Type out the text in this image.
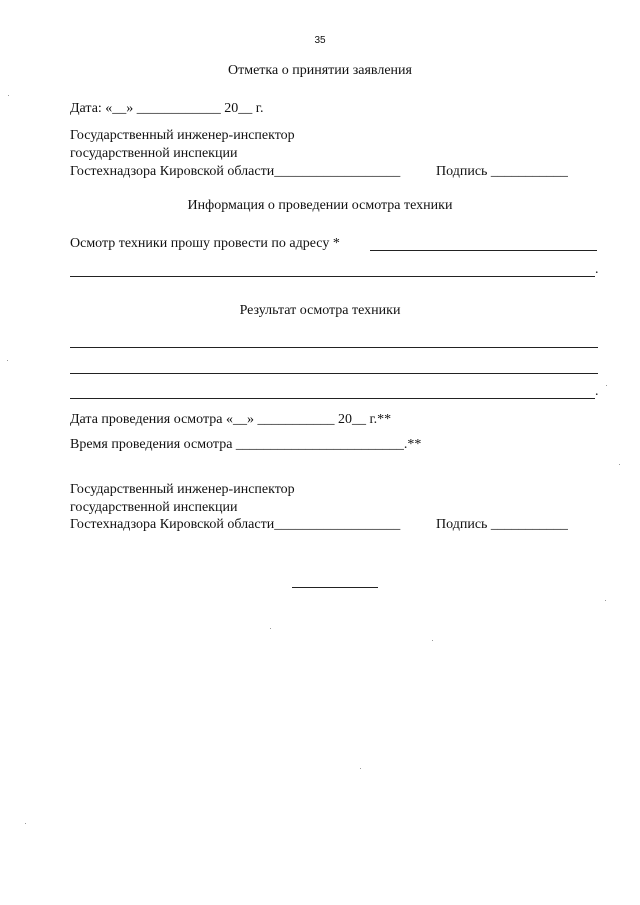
35
Отметка о принятии заявления
Дата: «__» ____________ 20__ г.
Государственный инженер-инспектор
государственной инспекции
Гостехнадзора Кировской области__________________	Подпись ___________
Информация о проведении осмотра техники
Осмотр техники прошу провести по адресу *
.
Результат осмотра техники
.
Дата проведения осмотра «__» ___________ 20__ г.**
Время проведения осмотра ________________________.**
Государственный инженер-инспектор
государственной инспекции
Гостехнадзора Кировской области__________________	Подпись ___________
